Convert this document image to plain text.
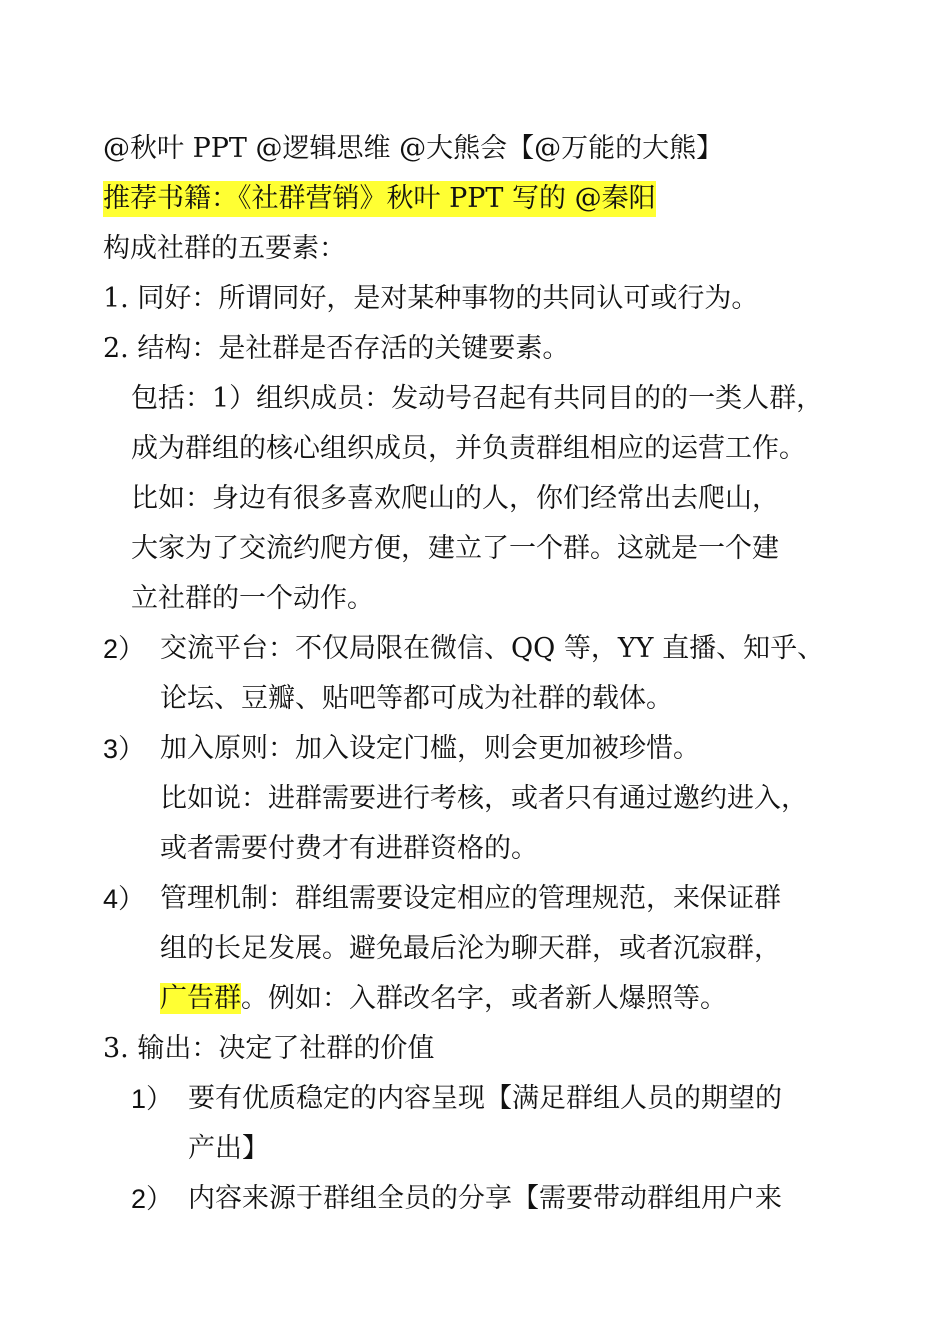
@秋叶 PPT @逻辑思维 @大熊会【@万能的大熊】
推荐书籍：《社群营销》秋叶 PPT 写的 @秦阳
构成社群的五要素：
1. 同好：所谓同好，是对某种事物的共同认可或行为。
2. 结构：是社群是否存活的关键要素。
包括：1）组织成员：发动号召起有共同目的的一类人群，
成为群组的核心组织成员，并负责群组相应的运营工作。
比如：身边有很多喜欢爬山的人，你们经常出去爬山，
大家为了交流约爬方便，建立了一个群。这就是一个建
立社群的一个动作。
2） 交流平台：不仅局限在微信、QQ 等，YY 直播、知乎、
论坛、豆瓣、贴吧等都可成为社群的载体。
3） 加入原则：加入设定门槛，则会更加被珍惜。
比如说：进群需要进行考核，或者只有通过邀约进入，
或者需要付费才有进群资格的。
4） 管理机制：群组需要设定相应的管理规范，来保证群
组的长足发展。避免最后沦为聊天群，或者沉寂群，
广告群。例如：入群改名字，或者新人爆照等。
3. 输出：决定了社群的价值
1） 要有优质稳定的内容呈现【满足群组人员的期望的
产出】
2） 内容来源于群组全员的分享【需要带动群组用户来
